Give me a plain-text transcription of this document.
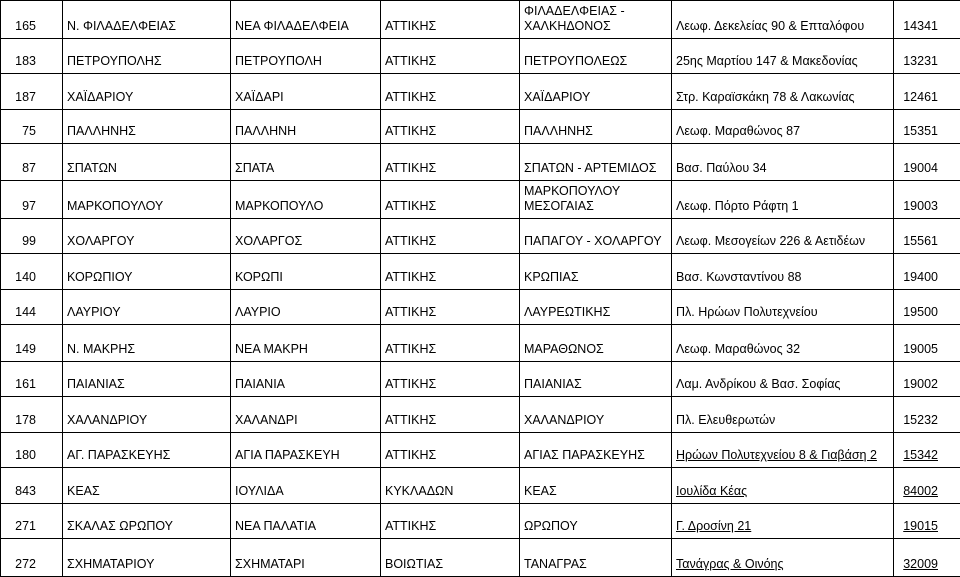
165	Ν. ΦΙΛΑΔΕΛΦΕΙΑΣ	ΝΕΑ ΦΙΛΑΔΕΛΦΕΙΑ	ΑΤΤΙΚΗΣ	ΦΙΛΑΔΕΛΦΕΙΑΣ -
ΧΑΛΚΗΔΟΝΟΣ	Λεωφ. Δεκελείας 90 & Επταλόφου	14341
183	ΠΕΤΡΟΥΠΟΛΗΣ	ΠΕΤΡΟΥΠΟΛΗ	ΑΤΤΙΚΗΣ	ΠΕΤΡΟΥΠΟΛΕΩΣ	25ης Μαρτίου 147 & Μακεδονίας	13231
187	ΧΑΪΔΑΡΙΟΥ	ΧΑΪΔΑΡΙ	ΑΤΤΙΚΗΣ	ΧΑΪΔΑΡΙΟΥ	Στρ. Καραϊσκάκη 78 & Λακωνίας	12461
75	ΠΑΛΛΗΝΗΣ	ΠΑΛΛΗΝΗ	ΑΤΤΙΚΗΣ	ΠΑΛΛΗΝΗΣ	Λεωφ. Μαραθώνος 87	15351
87	ΣΠΑΤΩΝ	ΣΠΑΤΑ	ΑΤΤΙΚΗΣ	ΣΠΑΤΩΝ - ΑΡΤΕΜΙΔΟΣ	Βασ. Παύλου 34	19004
97	ΜΑΡΚΟΠΟΥΛΟΥ	ΜΑΡΚΟΠΟΥΛΟ	ΑΤΤΙΚΗΣ	ΜΑΡΚΟΠΟΥΛΟΥ
ΜΕΣΟΓΑΙΑΣ	Λεωφ. Πόρτο Ράφτη 1	19003
99	ΧΟΛΑΡΓΟΥ	ΧΟΛΑΡΓΟΣ	ΑΤΤΙΚΗΣ	ΠΑΠΑΓΟΥ - ΧΟΛΑΡΓΟΥ	Λεωφ. Μεσογείων 226 & Αετιδέων	15561
140	ΚΟΡΩΠΙΟΥ	ΚΟΡΩΠΙ	ΑΤΤΙΚΗΣ	ΚΡΩΠΙΑΣ	Βασ. Κωνσταντίνου 88	19400
144	ΛΑΥΡΙΟΥ	ΛΑΥΡΙΟ	ΑΤΤΙΚΗΣ	ΛΑΥΡΕΩΤΙΚΗΣ	Πλ. Ηρώων Πολυτεχνείου	19500
149	Ν. ΜΑΚΡΗΣ	ΝΕΑ ΜΑΚΡΗ	ΑΤΤΙΚΗΣ	ΜΑΡΑΘΩΝΟΣ	Λεωφ. Μαραθώνος 32	19005
161	ΠΑΙΑΝΙΑΣ	ΠΑΙΑΝΙΑ	ΑΤΤΙΚΗΣ	ΠΑΙΑΝΙΑΣ	Λαμ. Ανδρίκου & Βασ. Σοφίας	19002
178	ΧΑΛΑΝΔΡΙΟΥ	ΧΑΛΑΝΔΡΙ	ΑΤΤΙΚΗΣ	ΧΑΛΑΝΔΡΙΟΥ	Πλ. Ελευθερωτών	15232
180	ΑΓ. ΠΑΡΑΣΚΕΥΗΣ	ΑΓΙΑ ΠΑΡΑΣΚΕΥΗ	ΑΤΤΙΚΗΣ	ΑΓΙΑΣ ΠΑΡΑΣΚΕΥΗΣ	Ηρώων Πολυτεχνείου 8 & Γιαβάση 2	15342
843	ΚΕΑΣ	ΙΟΥΛΙΔΑ	ΚΥΚΛΑΔΩΝ	ΚΕΑΣ	Ιουλίδα Κέας	84002
271	ΣΚΑΛΑΣ ΩΡΩΠΟΥ	ΝΕΑ ΠΑΛΑΤΙΑ	ΑΤΤΙΚΗΣ	ΩΡΩΠΟΥ	Γ. Δροσίνη 21	19015
272	ΣΧΗΜΑΤΑΡΙΟΥ	ΣΧΗΜΑΤΑΡΙ	ΒΟΙΩΤΙΑΣ	ΤΑΝΑΓΡΑΣ	Τανάγρας & Οινόης	32009
